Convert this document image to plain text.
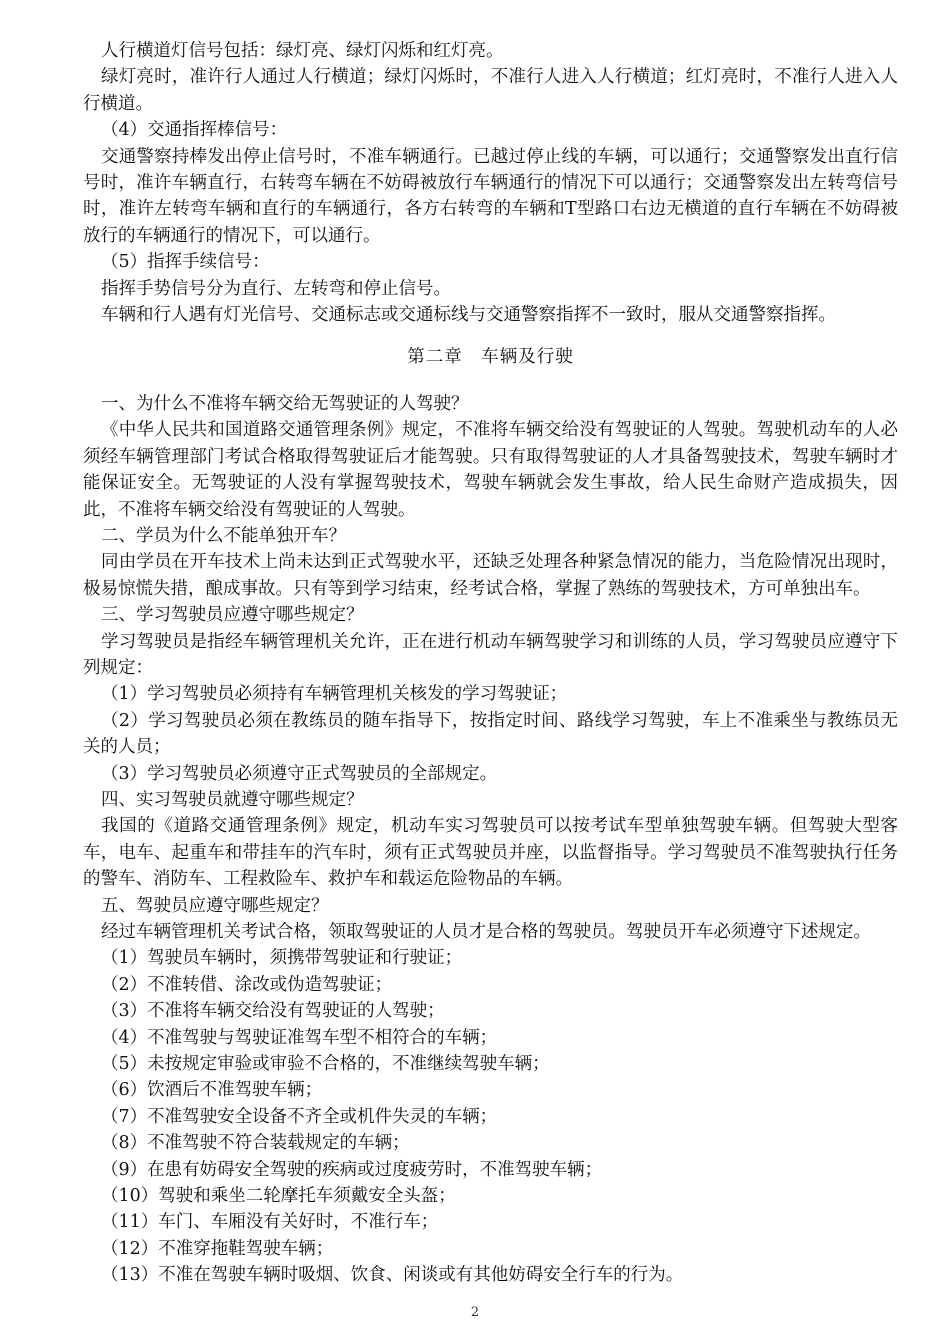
人行横道灯信号包括：绿灯亮、绿灯闪烁和红灯亮。

绿灯亮时，准许行人通过人行横道；绿灯闪烁时，不准行人进入人行横道；红灯亮时，不准行人进入人行横道。

（4）交通指挥棒信号：

交通警察持棒发出停止信号时，不准车辆通行。已越过停止线的车辆，可以通行；交通警察发出直行信号时，准许车辆直行，右转弯车辆在不妨碍被放行车辆通行的情况下可以通行；交通警察发出左转弯信号时，准许左转弯车辆和直行的车辆通行，各方右转弯的车辆和T型路口右边无横道的直行车辆在不妨碍被放行的车辆通行的情况下，可以通行。

（5）指挥手续信号：

指挥手势信号分为直行、左转弯和停止信号。

车辆和行人遇有灯光信号、交通标志或交通标线与交通警察指挥不一致时，服从交通警察指挥。

第二章　车辆及行驶

一、为什么不准将车辆交给无驾驶证的人驾驶？

《中华人民共和国道路交通管理条例》规定，不准将车辆交给没有驾驶证的人驾驶。驾驶机动车的人必须经车辆管理部门考试合格取得驾驶证后才能驾驶。只有取得驾驶证的人才具备驾驶技术，驾驶车辆时才能保证安全。无驾驶证的人没有掌握驾驶技术，驾驶车辆就会发生事故，给人民生命财产造成损失，因此，不准将车辆交给没有驾驶证的人驾驶。

二、学员为什么不能单独开车？

同由学员在开车技术上尚未达到正式驾驶水平，还缺乏处理各种紧急情况的能力，当危险情况出现时，极易惊慌失措，酿成事故。只有等到学习结束，经考试合格，掌握了熟练的驾驶技术，方可单独出车。

三、学习驾驶员应遵守哪些规定？

学习驾驶员是指经车辆管理机关允许，正在进行机动车辆驾驶学习和训练的人员，学习驾驶员应遵守下列规定：

（1）学习驾驶员必须持有车辆管理机关核发的学习驾驶证；

（2）学习驾驶员必须在教练员的随车指导下，按指定时间、路线学习驾驶，车上不准乘坐与教练员无关的人员；

（3）学习驾驶员必须遵守正式驾驶员的全部规定。

四、实习驾驶员就遵守哪些规定？

我国的《道路交通管理条例》规定，机动车实习驾驶员可以按考试车型单独驾驶车辆。但驾驶大型客车，电车、起重车和带挂车的汽车时，须有正式驾驶员并座，以监督指导。学习驾驶员不准驾驶执行任务的警车、消防车、工程救险车、救护车和载运危险物品的车辆。

五、驾驶员应遵守哪些规定？

经过车辆管理机关考试合格，领取驾驶证的人员才是合格的驾驶员。驾驶员开车必须遵守下述规定。

（1）驾驶员车辆时，须携带驾驶证和行驶证；

（2）不准转借、涂改或伪造驾驶证；

（3）不准将车辆交给没有驾驶证的人驾驶；

（4）不准驾驶与驾驶证准驾车型不相符合的车辆；

（5）未按规定审验或审验不合格的，不准继续驾驶车辆；

（6）饮酒后不准驾驶车辆；

（7）不准驾驶安全设备不齐全或机件失灵的车辆；

（8）不准驾驶不符合装载规定的车辆；

（9）在患有妨碍安全驾驶的疾病或过度疲劳时，不准驾驶车辆；

（10）驾驶和乘坐二轮摩托车须戴安全头盔；

（11）车门、车厢没有关好时，不准行车；

（12）不准穿拖鞋驾驶车辆；

（13）不准在驾驶车辆时吸烟、饮食、闲谈或有其他妨碍安全行车的行为。

2
